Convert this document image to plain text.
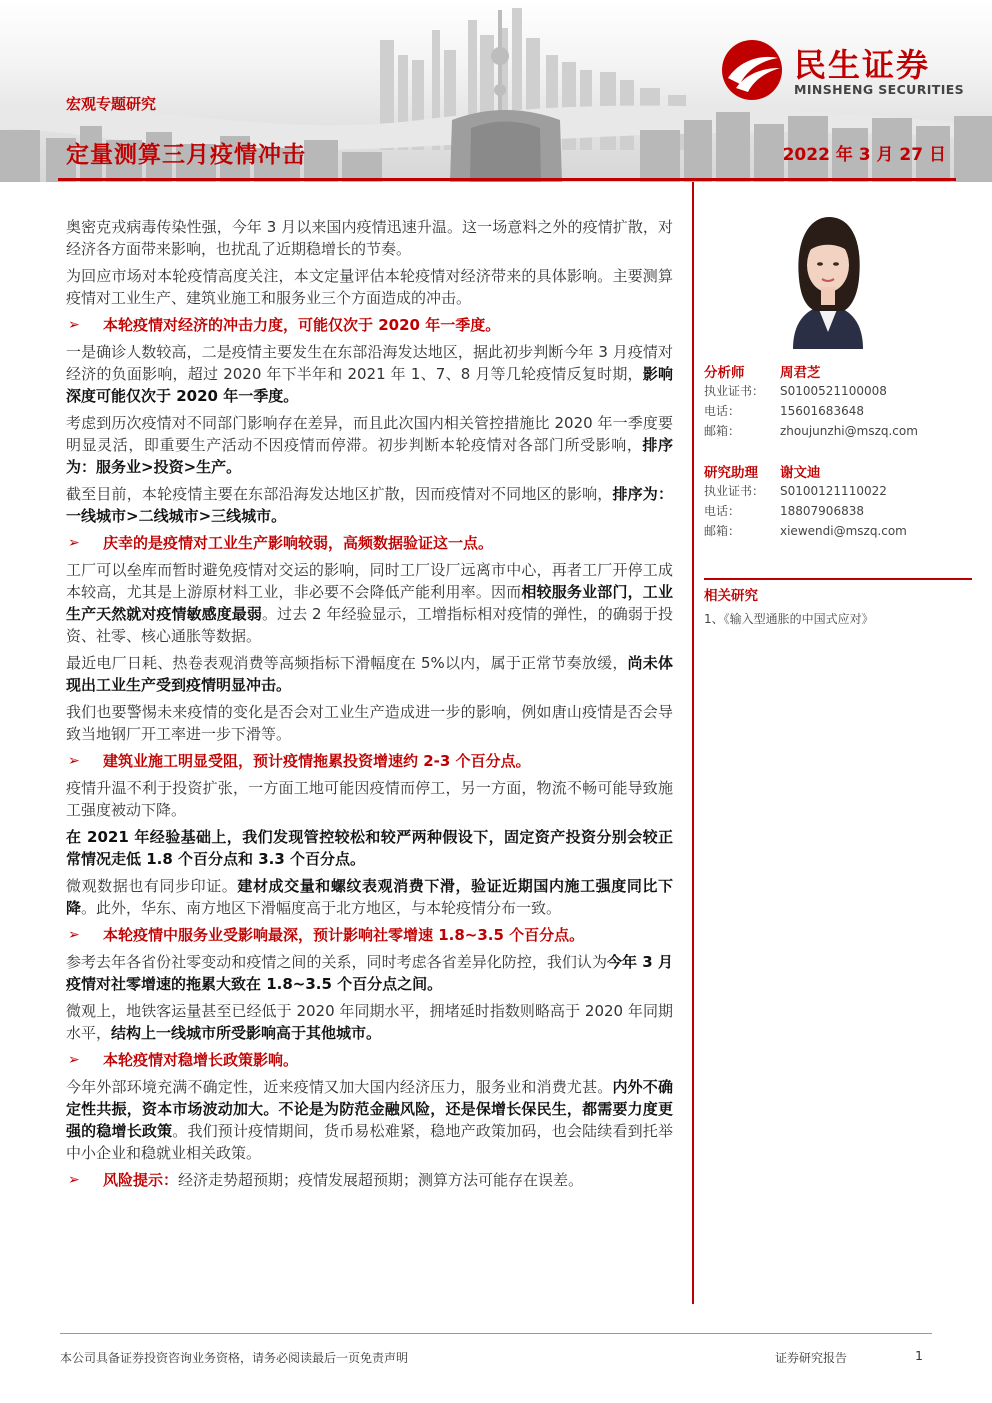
宏观专题研究
定量测算三月疫情冲击	2022 年 3 月 27 日
民生证券
MINSHENG SECURITIES

奥密克戎病毒传染性强，今年 3 月以来国内疫情迅速升温。这一场意料之外的疫情扩散，对经济各方面带来影响，也扰乱了近期稳增长的节奏。

为回应市场对本轮疫情高度关注，本文定量评估本轮疫情对经济带来的具体影响。主要测算疫情对工业生产、建筑业施工和服务业三个方面造成的冲击。

➢	本轮疫情对经济的冲击力度，可能仅次于 2020 年一季度。

一是确诊人数较高，二是疫情主要发生在东部沿海发达地区，据此初步判断今年 3 月疫情对经济的负面影响，超过 2020 年下半年和 2021 年 1、7、8 月等几轮疫情反复时期，影响深度可能仅次于 2020 年一季度。

考虑到历次疫情对不同部门影响存在差异，而且此次国内相关管控措施比 2020 年一季度要明显灵活，即重要生产活动不因疫情而停滞。初步判断本轮疫情对各部门所受影响，排序为：服务业>投资>生产。

截至目前，本轮疫情主要在东部沿海发达地区扩散，因而疫情对不同地区的影响，排序为：一线城市>二线城市>三线城市。

➢	庆幸的是疫情对工业生产影响较弱，高频数据验证这一点。

工厂可以垒库而暂时避免疫情对交运的影响，同时工厂设厂远离市中心，再者工厂开停工成本较高，尤其是上游原材料工业，非必要不会降低产能利用率。因而相较服务业部门，工业生产天然就对疫情敏感度最弱。过去 2 年经验显示，工增指标相对疫情的弹性，的确弱于投资、社零、核心通胀等数据。

最近电厂日耗、热卷表观消费等高频指标下滑幅度在 5%以内，属于正常节奏放缓，尚未体现出工业生产受到疫情明显冲击。

我们也要警惕未来疫情的变化是否会对工业生产造成进一步的影响，例如唐山疫情是否会导致当地钢厂开工率进一步下滑等。

➢	建筑业施工明显受阻，预计疫情拖累投资增速约 2-3 个百分点。

疫情升温不利于投资扩张，一方面工地可能因疫情而停工，另一方面，物流不畅可能导致施工强度被动下降。

在 2021 年经验基础上，我们发现管控较松和较严两种假设下，固定资产投资分别会较正常情况走低 1.8 个百分点和 3.3 个百分点。

微观数据也有同步印证。建材成交量和螺纹表观消费下滑，验证近期国内施工强度同比下降。此外，华东、南方地区下滑幅度高于北方地区，与本轮疫情分布一致。

➢	本轮疫情中服务业受影响最深，预计影响社零增速 1.8~3.5 个百分点。

参考去年各省份社零变动和疫情之间的关系，同时考虑各省差异化防控，我们认为今年 3 月疫情对社零增速的拖累大致在 1.8~3.5 个百分点之间。

微观上，地铁客运量甚至已经低于 2020 年同期水平，拥堵延时指数则略高于 2020 年同期水平，结构上一线城市所受影响高于其他城市。

➢	本轮疫情对稳增长政策影响。

今年外部环境充满不确定性，近来疫情又加大国内经济压力，服务业和消费尤甚。内外不确定性共振，资本市场波动加大。不论是为防范金融风险，还是保增长保民生，都需要力度更强的稳增长政策。我们预计疫情期间，货币易松难紧，稳地产政策加码，也会陆续看到托举中小企业和稳就业相关政策。

➢	风险提示：经济走势超预期；疫情发展超预期；测算方法可能存在误差。
分析师	周君芝
执业证书：	S0100521100008
电话：	15601683648
邮箱：	zhoujunzhi@mszq.com
研究助理 谢文迪
执业证书：	S0100121110022
电话：	18807906838
邮箱：	xiewendi@mszq.com
相关研究
1、《输入型通胀的中国式应对》
本公司具备证券投资咨询业务资格，请务必阅读最后一页免责声明	证券研究报告	1
